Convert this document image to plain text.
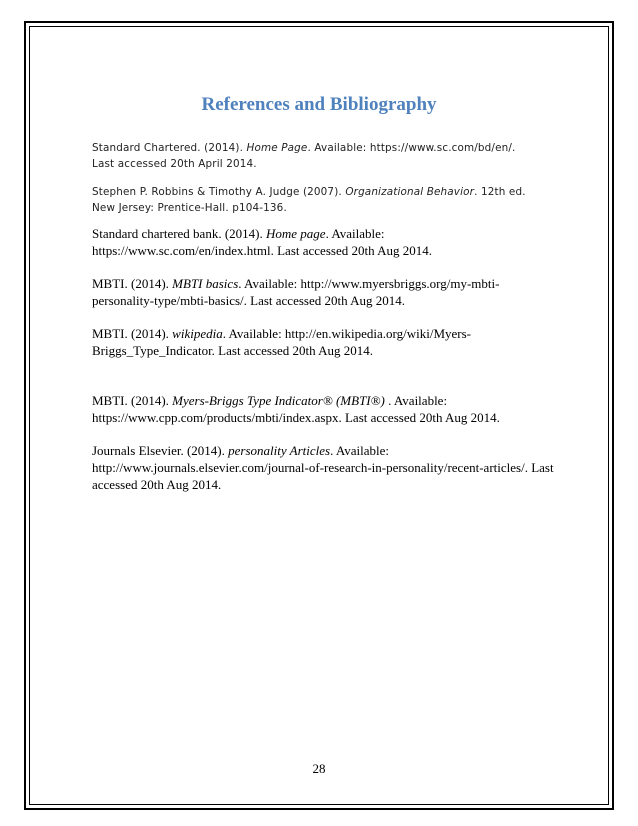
References and Bibliography

Standard Chartered. (2014). Home Page. Available: https://www.sc.com/bd/en/.
Last accessed 20th April 2014.

Stephen P. Robbins & Timothy A. Judge (2007). Organizational Behavior. 12th ed.
New Jersey: Prentice-Hall. p104-136.

Standard chartered bank. (2014). Home page. Available:
https://www.sc.com/en/index.html. Last accessed 20th Aug 2014.

MBTI. (2014). MBTI basics. Available: http://www.myersbriggs.org/my-mbti-
personality-type/mbti-basics/. Last accessed 20th Aug 2014.

MBTI. (2014). wikipedia. Available: http://en.wikipedia.org/wiki/Myers-
Briggs_Type_Indicator. Last accessed 20th Aug 2014.

MBTI. (2014). Myers-Briggs Type Indicator® (MBTI®) . Available:
https://www.cpp.com/products/mbti/index.aspx. Last accessed 20th Aug 2014.

Journals Elsevier. (2014). personality Articles. Available:
http://www.journals.elsevier.com/journal-of-research-in-personality/recent-articles/. Last
accessed 20th Aug 2014.

28
